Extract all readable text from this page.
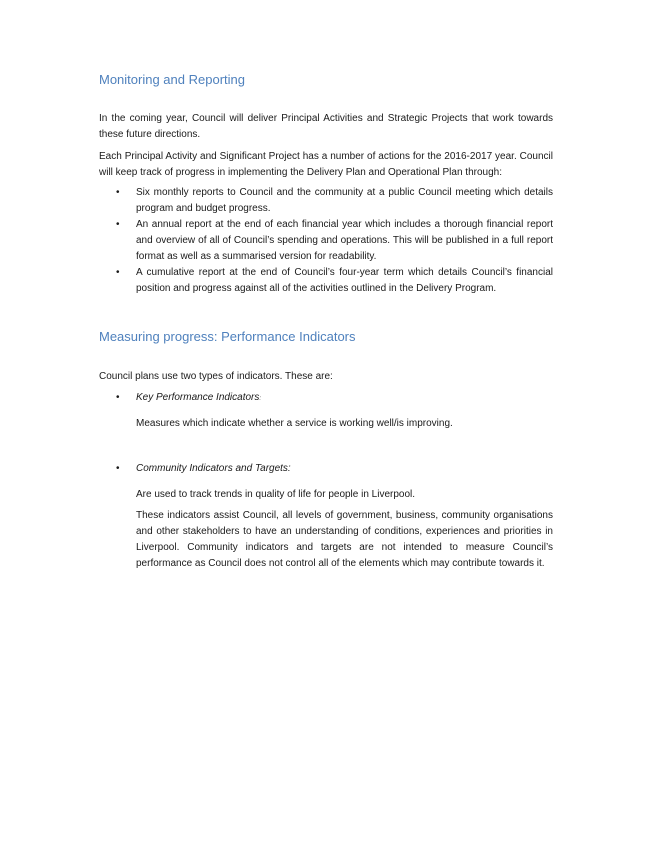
Monitoring and Reporting

In the coming year, Council will deliver Principal Activities and Strategic Projects that work towards these future directions.

Each Principal Activity and Significant Project has a number of actions for the 2016-2017 year. Council will keep track of progress in implementing the Delivery Plan and Operational Plan through:

•	Six monthly reports to Council and the community at a public Council meeting which details program and budget progress.

•	An annual report at the end of each financial year which includes a thorough financial report and overview of all of Council’s spending and operations. This will be published in a full report format as well as a summarised version for readability.

•	A cumulative report at the end of Council’s four-year term which details Council’s financial position and progress against all of the activities outlined in the Delivery Program.

Measuring progress: Performance Indicators

Council plans use two types of indicators. These are:

•	Key Performance Indicators:

Measures which indicate whether a service is working well/is improving.

•	Community Indicators and Targets:

Are used to track trends in quality of life for people in Liverpool.

These indicators assist Council, all levels of government, business, community organisations and other stakeholders to have an understanding of conditions, experiences and priorities in Liverpool. Community indicators and targets are not intended to measure Council’s performance as Council does not control all of the elements which may contribute towards it.
